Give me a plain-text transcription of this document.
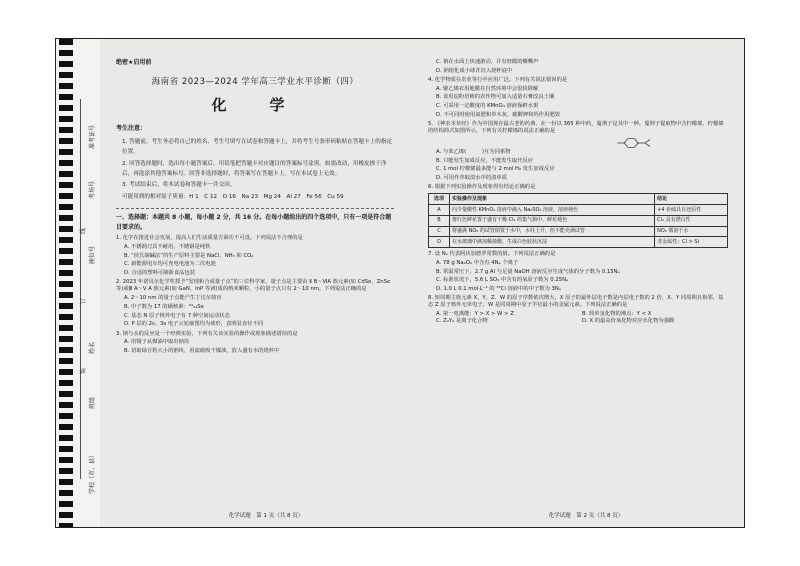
准考证号
考场号
座位号
姓名
班级
学校（市、县）
线
订
装
绝密★启用前
海南省 2023—2024 学年高三学业水平诊断（四）
化　学
考生注意：

1. 答题前，考生务必将自己的姓名、考生号填写在试卷和答题卡上，并将考生号条形码粘贴在答题卡上的指定位置。

2. 回答选择题时，选出每小题答案后，用铅笔把答题卡对应题目的答案标号涂黑。如需改动，用橡皮擦干净后，再选涂其他答案标号。回答非选择题时，将答案写在答题卡上。写在本试卷上无效。

3. 考试结束后，将本试卷和答题卡一并交回。

可能用到的相对原子质量：H 1　C 12　O 16　Na 23　Mg 24　Al 27　Fe 56　Cu 59

一、选择题：本题共 8 小题，每小题 2 分，共 16 分。在每小题给出的四个选项中，只有一项是符合题目要求的。

1. 化学在推进社会发展，提高人们生活质量方面功不可没。下列说法不合理的是

A. 不锈钢刀具不耐用，不锈钢是纯铁

B. “侯氏制碱法”的生产原料主要是 NaCl、NH₃ 和 CO₂

C. 新能源电车均可充电电池为二次电池

D. 合适的塑料可制新食品包装

2. 2023 年诺贝尔化学奖授予“发现和合成量子点”的三位科学家，量子点是主要由 Ⅱ B～ⅥA 族元素(如 CdSe、ZnSe 等)或Ⅲ A～Ⅴ A 族元素(如 GaN、InP 等)组成的纳米颗粒，小的量子点只有 2～10 nm。下列说法正确的是

A. 2～10 nm 的量子点能产生丁达尔效应

B. 中子数为 17 的硒核素：⁶⁴₃₄Se

C. 基态 N 原子核外电子有 7 种空间运动状态

D. P 层的 2s、3s 电子云轮廓图均为球形，意明显直径不同

3. 钠与水的反应是一个经典实验，下列有关该实验的操作或现象描述错误的是

A. 用镊子从煤油中取出钠块

B. 切取绿豆粒大小的钠块，用滤纸吸干煤油，放入盛有水的烧杯中

化学试题　第 1 页（共 8 页）

C. 钠在水面上快速游动，并有轻微的嘶嘶声

D. 钠熔化成小球并沉入烧杯底中

4. 化学物质在农业等行中应用广泛。下列有关说法错误的是

A. 聚乙烯农用地膜在自然环境中会很快降解

B. 食用淀粉培植的农作物可加入适量石膏改良土壤

C. 可采用一定酸度的 KMnO₄ 溶液保鲜水果

D. 不可同时使用氮肥和草木灰，碳酸钾和钙作用肥效

5. 《神农本草经》作为中国现存最古老的药典，在一份以 365 种中药，蔓荆子是其中一种。蔓荆子提取物中含柠檬烯，柠檬烯的结构简式如图所示。下列有关柠檬烯的说法正确的是

A. 与苯乙烯(　　　)互为同系物

B. 只能发生加成反应，不能发生取代反应

C. 1 mol 柠檬烯最多能与 2 mol H₂ 发生加成反应

D. 可用作萃取溴水中的溴单质

6. 根据下列实验操作及现象得出结论正确的是

选项	实验操作及现象	结论
A	向少量酸性 KMnO₄ 溶液中滴入 Na₂SO₃ 溶液，溶液褪色	+4 价硫具有还原性
B	将红色鲜花置于盛有干燥 Cl₂ 的集气瓶中，鲜花褪色	Cl₂ 具有漂白性
C	将盛满 NO₂ 的试管倒置于水中，水柱上升，但不能充满试管	NO₂ 微溶于水
D	在水玻璃中滴加稀盐酸，生成白色胶状沉淀	非金属性：Cl > Si

7. 设 Nₐ 代表阿伏加德罗常数的值。下列说法正确的是

A. 78 g Na₂O₂ 中含有 4Nₐ 个离子

B. 常温常压下，2.7 g Al 与足量 NaOH 溶液反应生成气体的分子数为 0.15Nₐ

C. 标准状况下，5.6 L SO₃ 中含有的氧原子数为 0.25Nₐ

D. 1.0 L 0.1 mol·L⁻¹ 的 ³⁵Cl 溶液中的中子数为 3Nₐ

8. 短周期主族元素 X、Y、Z、W 的原子序数依次增大，X 原子的最外层电子数是内层电子数的 2 倍，X、Y 同周期且相邻，基态 Z 原子核外无单电子，W 是同周期中原子半径最小的金属元素。下列说法正确的是

A. 第一电离能：Y > X > W > Z	B. 简单氢化物的沸点：Y < X
C. Z₃Y₂ 是离子化合物	D. X 的最高价氧化物对应水化物为强酸
化学试题　第 2 页（共 8 页）
